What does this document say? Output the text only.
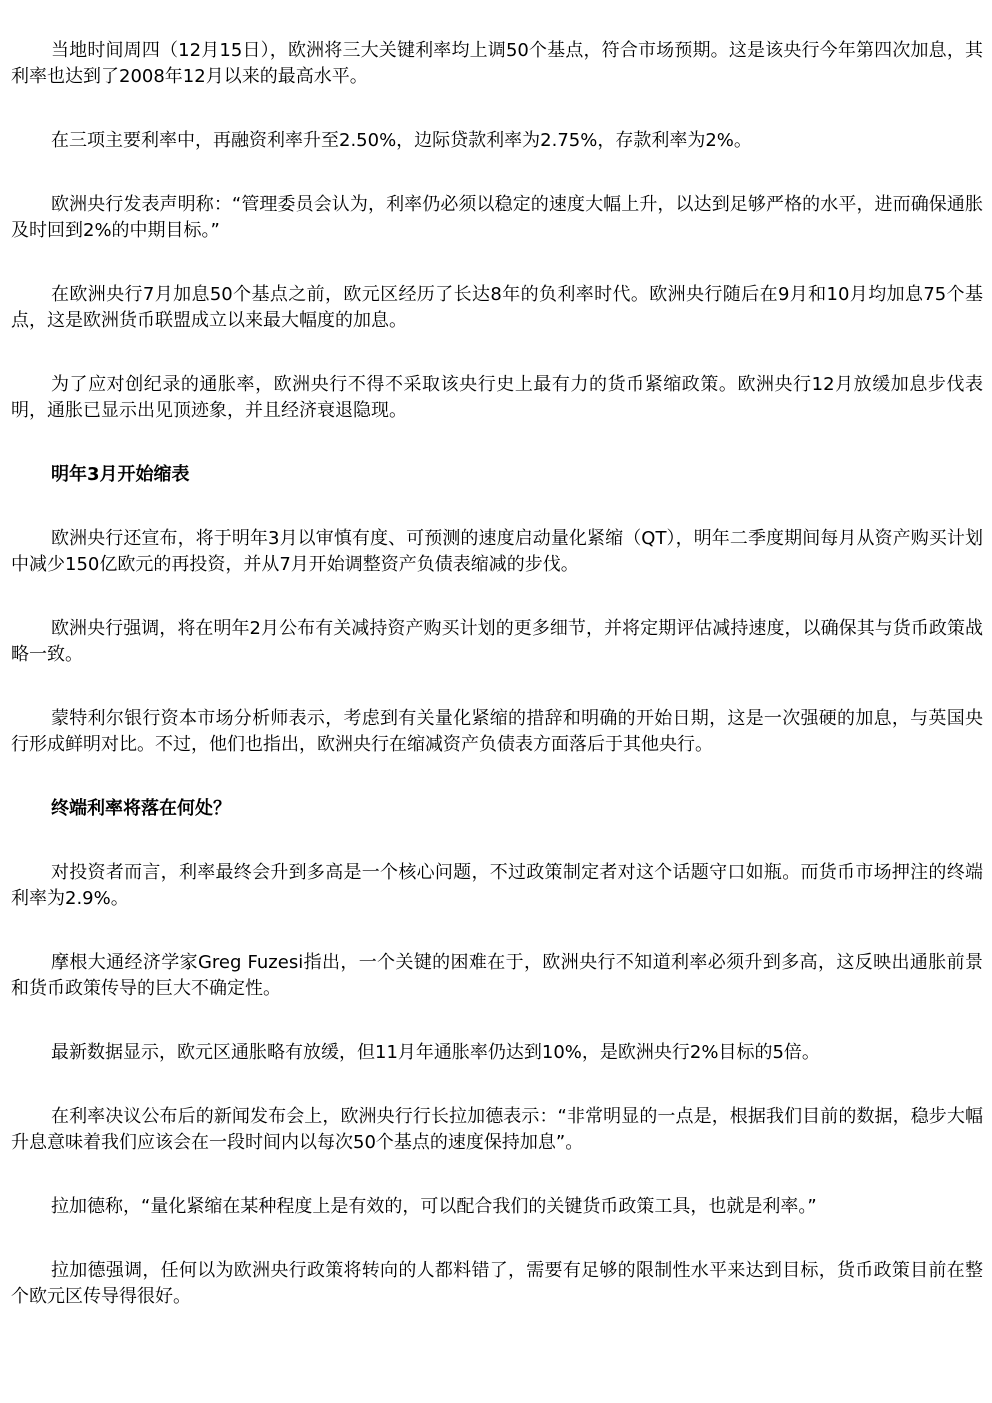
当地时间周四（12月15日），欧洲将三大关键利率均上调50个基点，符合市场预期。这是该央行今年第四次加息，其利率也达到了2008年12月以来的最高水平。

在三项主要利率中，再融资利率升至2.50%，边际贷款利率为2.75%，存款利率为2%。

欧洲央行发表声明称：“管理委员会认为，利率仍必须以稳定的速度大幅上升，以达到足够严格的水平，进而确保通胀及时回到2%的中期目标。”

在欧洲央行7月加息50个基点之前，欧元区经历了长达8年的负利率时代。欧洲央行随后在9月和10月均加息75个基点，这是欧洲货币联盟成立以来最大幅度的加息。

为了应对创纪录的通胀率，欧洲央行不得不采取该央行史上最有力的货币紧缩政策。欧洲央行12月放缓加息步伐表明，通胀已显示出见顶迹象，并且经济衰退隐现。

明年3月开始缩表

欧洲央行还宣布，将于明年3月以审慎有度、可预测的速度启动量化紧缩（QT），明年二季度期间每月从资产购买计划中减少150亿欧元的再投资，并从7月开始调整资产负债表缩减的步伐。

欧洲央行强调，将在明年2月公布有关减持资产购买计划的更多细节，并将定期评估减持速度，以确保其与货币政策战略一致。

蒙特利尔银行资本市场分析师表示，考虑到有关量化紧缩的措辞和明确的开始日期，这是一次强硬的加息，与英国央行形成鲜明对比。不过，他们也指出，欧洲央行在缩减资产负债表方面落后于其他央行。

终端利率将落在何处？

对投资者而言，利率最终会升到多高是一个核心问题，不过政策制定者对这个话题守口如瓶。而货币市场押注的终端利率为2.9%。

摩根大通经济学家Greg Fuzesi指出，一个关键的困难在于，欧洲央行不知道利率必须升到多高，这反映出通胀前景和货币政策传导的巨大不确定性。

最新数据显示，欧元区通胀略有放缓，但11月年通胀率仍达到10%，是欧洲央行2%目标的5倍。

在利率决议公布后的新闻发布会上，欧洲央行行长拉加德表示：“非常明显的一点是，根据我们目前的数据，稳步大幅升息意味着我们应该会在一段时间内以每次50个基点的速度保持加息”。

拉加德称，“量化紧缩在某种程度上是有效的，可以配合我们的关键货币政策工具，也就是利率。”

拉加德强调，任何以为欧洲央行政策将转向的人都料错了，需要有足够的限制性水平来达到目标，货币政策目前在整个欧元区传导得很好。
